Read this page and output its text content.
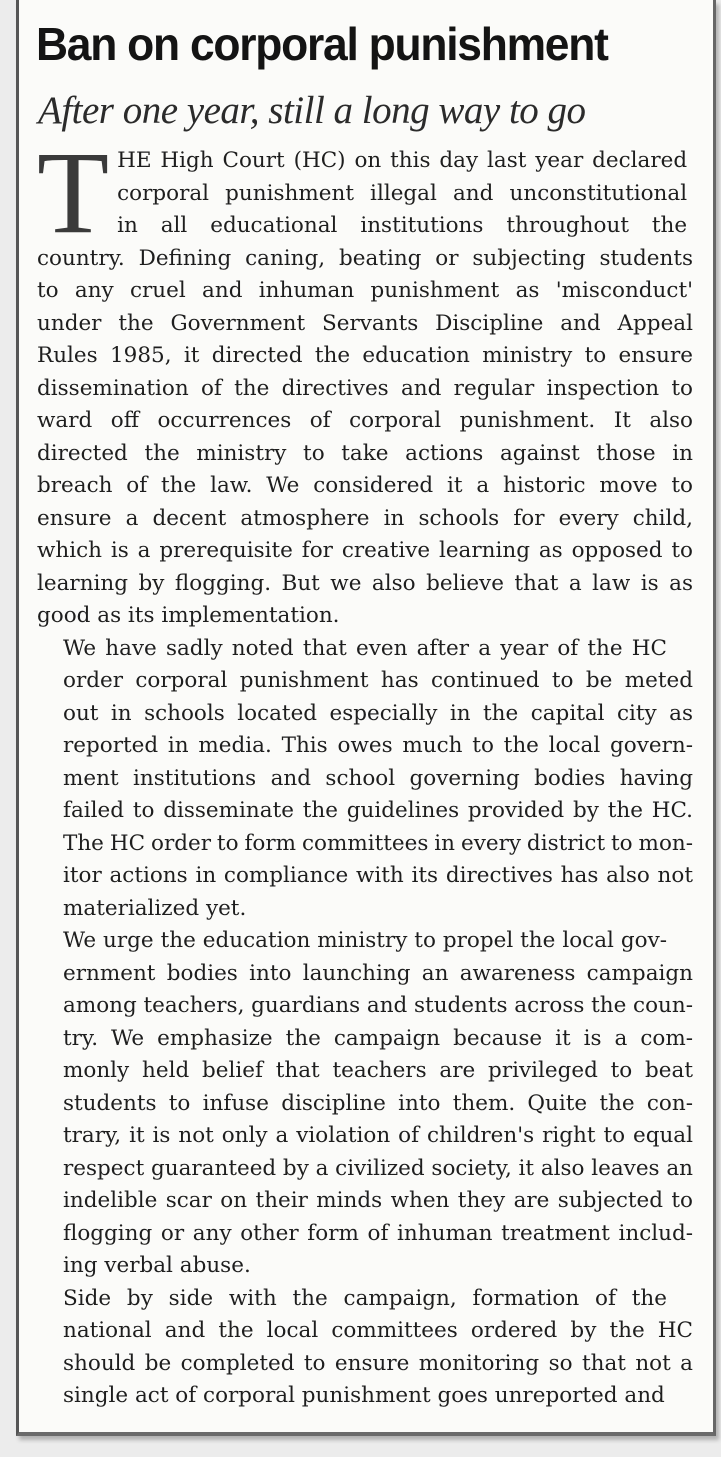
Ban on corporal punishment
After one year, still a long way to go

T HE High Court (HC) on this day last year declared
corporal punishment illegal and unconstitutional
in all educational institutions throughout the
country. Defining caning, beating or subjecting students
to any cruel and inhuman punishment as 'misconduct'
under the Government Servants Discipline and Appeal
Rules 1985, it directed the education ministry to ensure
dissemination of the directives and regular inspection to
ward off occurrences of corporal punishment. It also
directed the ministry to take actions against those in
breach of the law. We considered it a historic move to
ensure a decent atmosphere in schools for every child,
which is a prerequisite for creative learning as opposed to
learning by flogging. But we also believe that a law is as
good as its implementation.

We have sadly noted that even after a year of the HC
order corporal punishment has continued to be meted
out in schools located especially in the capital city as
reported in media. This owes much to the local govern-
ment institutions and school governing bodies having
failed to disseminate the guidelines provided by the HC.
The HC order to form committees in every district to mon-
itor actions in compliance with its directives has also not
materialized yet.

We urge the education ministry to propel the local gov-
ernment bodies into launching an awareness campaign
among teachers, guardians and students across the coun-
try. We emphasize the campaign because it is a com-
monly held belief that teachers are privileged to beat
students to infuse discipline into them. Quite the con-
trary, it is not only a violation of children's right to equal
respect guaranteed by a civilized society, it also leaves an
indelible scar on their minds when they are subjected to
flogging or any other form of inhuman treatment includ-
ing verbal abuse.

Side by side with the campaign, formation of the
national and the local committees ordered by the HC
should be completed to ensure monitoring so that not a
single act of corporal punishment goes unreported and
